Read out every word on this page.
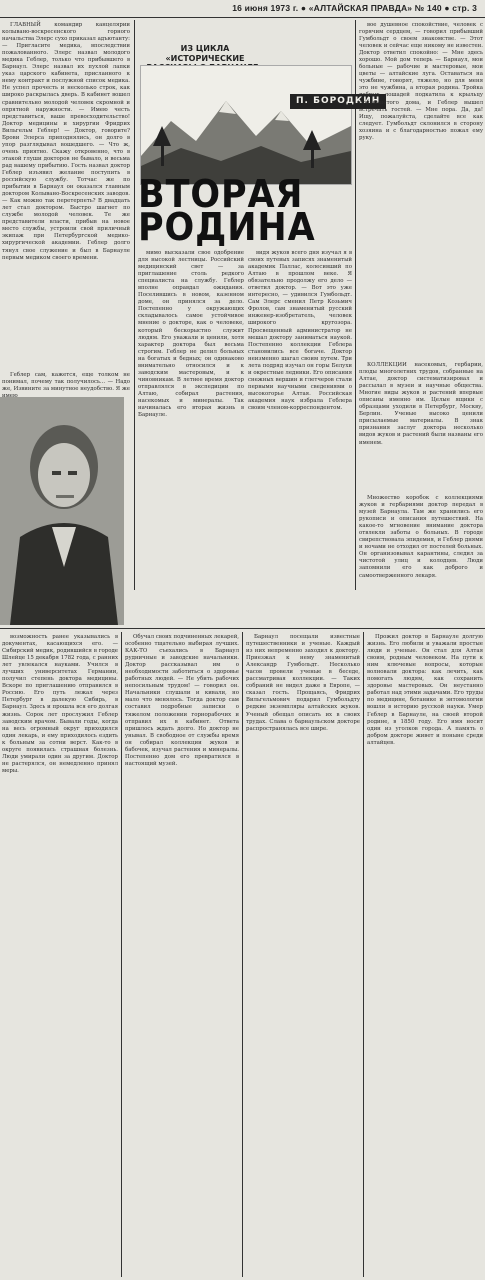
16 июня 1973 г. ● «АЛТАЙСКАЯ ПРАВДА» № 140 ● стр. 3

ГЛАВНЫЙ командир канцелярии колывано-воскресенского горного начальства Элерс сухо приказал адъютанту: — Пригласите медика, впоследствии пожалованного. Элерс назвал молодого медика Геблер, только что прибывшего в Барнаул. Элерс назвал их пухлой лапки указ царского кабинета, присланного к нему контракт и послужной список медика. Не успел прочесть и несколько строк, как широко раскрылась дверь. В кабинет вошел сравнительно молодой человек скромной и опрятной наружности. — Имею честь представиться, ваше превосходительство! Доктор медицины и хирургии Фридрих Вильгельм Геблер! — Доктор, говорите? Брови Элерса приподнялись, он долго в упор разглядывал вошедшего. — Что ж, очень приятно. Скажу откровенно, что в этакой глуши докторов не бывало, и весьма рад вашему прибытию. Гость назвал доктор Геблер изъявил желание поступить в российскую службу. Тотчас же по прибытии в Барнаул он оказался главным доктором Колывано-Воскресенских заводов. — Как можно так перетерпеть? В двадцать лет стал доктором. Быстро шагнет по службе молодой человек. Те же представители власти, прибыв на новое место службы, устроили свой приличный экипаж при Петербургской медико-хирургической академии. Геблер долго тянул свое служение и был в Барнауле первым медиком своего времени.

Геблер сам, кажется, еще толком не понимал, почему так получилось... — Надо же, Извините за минутное неудобство. Я же имею

ИЗ ЦИКЛА «ИСТОРИЧЕСКИЕ
П. БОРОДКИН
ВТОРАЯ
РОДИНА

мимо высказали свое одобрение для высокой лестницы. Российский медицинский свет — за приглашение столь редкого специалиста на службу. Геблер вполне оправдал ожидания. Поселившись в новом, казенном доме, он принялся за дело. Постепенно у окружающих складывалось самое устойчивое мнение о докторе, как о человеке, который бескорыстно служит людям. Его уважали и ценили, хотя характер доктора был весьма строгим. Геблер не делил больных на богатых и бедных; он одинаково внимательно относился и к заводским мастеровым, и к чиновникам. В летнее время доктор отправлялся в экспедиции по Алтаю, собирал растения, насекомых и минералы. Так начиналась его вторая жизнь в Барнауле.

видя жуков всего дня изучал я в своих путевых записях знаменитый академик Паллас, колесивший по Алтаю в прошлом веке. Я обязательно продолжу его дело — ответил доктор. — Вот это уже интересно, — удивился Гумбольдт. Сам Элерс сменил Петр Козьмич Фролов, сам знаменитый русский инженер-изобретатель, человек широкого кругозора. Просвещенный администратор не мешал доктору заниматься наукой. Постепенно коллекции Геблера становились все богаче. Доктор неизменно шагал своим путем. Три лета подряд изучал он горы Белухи и окрестные ледники. Его описания снежных вершин и глетчеров стали первыми научными сведениями о высокогорье Алтая. Российская академия наук избрала Геблера своим членом-корреспондентом.

вое душевное спокойствие, человек с горячим сердцем, — говорил прибывший Гумбольдт о своем знакомстве. — Этот человек и сейчас еще никому не известен. Доктор ответил спокойно: — Мне здесь хорошо. Мой дом теперь — Барнаул, мои больные — рабочие и мастеровые, мои цветы — алтайские луга. Оставаться на чужбине, говорят, тяжело, но для меня это не чужбина, а вторая родина. Тройка добрых лошадей подкатила к крыльцу приземистого дома, и Геблер вышел встречать гостей. — Мне пора. Да, да! Ищу, пожалуйста, сделайте все как следует. Гумбольдт склонился в сторону хозяина и с благодарностью пожал ему руку.

КОЛЛЕКЦИИ насекомых, гербарии, плоды многолетних трудов, собранные на Алтае, доктор систематизировал и рассылал в музеи и научные общества. Многие виды жуков и растений впервые описаны именно им. Целые ящики с образцами уходили в Петербург, Москву, Берлин. Ученые высоко ценили присылаемые материалы. В знак признания заслуг доктора несколько видов жуков и растений были названы его именем.

Множество коробок с коллекциями жуков и гербариями доктор передал в музей Барнаула. Там же хранились его рукописи и описания путешествий. На какое-то мгновение внимание доктора отвлекли заботы о больных. В городе свирепствовала эпидемия, и Геблер днями и ночами не отходил от постелей больных. Он организовывал карантины, следил за чистотой улиц и колодцев. Люди запомнили его как доброго и самоотверженного лекаря.

возможность ранее указывались в документах, касающихся его. — Сибирский медик, родившийся в городе Шлейце 15 декабря 1782 года, с ранних лет увлекался науками. Учился в лучших университетах Германии, получил степень доктора медицины. Вскоре по приглашению отправился в Россию. Его путь лежал через Петербург в далекую Сибирь, в Барнаул. Здесь и прошла вся его долгая жизнь. Сорок лет прослужил Геблер заводским врачом. Бывали годы, когда на весь огромный округ приходился один лекарь, и ему приходилось ездить к больным за сотни верст. Как-то в округе появилась страшная болезнь. Люди умирали один за другим. Доктор не растерялся, он немедленно принял меры.

Обучал своих подчиненных лекарей, особенно тщательно выбирая лучших. КАК-ТО съехались в Барнаул рудничные и заводские начальники. Доктор рассказывал им о необходимости заботиться о здоровье работных людей. — Не убить рабочих непосильным трудом! — говорил он. Начальники слушали и кивали, но мало что менялось. Тогда доктор сам составил подробные записки о тяжелом положении горнорабочих и отправил их в кабинет. Ответа пришлось ждать долго. Но доктор не унывал. В свободное от службы время он собирал коллекции жуков и бабочек, изучал растения и минералы. Постепенно дом его превратился в настоящий музей.

Барнаул посещали известные путешественники и ученые. Каждый из них непременно заходил к доктору. Приезжал к нему знаменитый Александр Гумбольдт. Несколько часов провели ученые в беседе, рассматривая коллекции. — Таких собраний не видел даже в Европе, — сказал гость. Прощаясь, Фридрих Вильгельмович подарил Гумбольдту редкие экземпляры алтайских жуков. Ученый обещал описать их в своих трудах. Слава о барнаульском докторе распространялась все шире.

Прожил доктор в Барнауле долгую жизнь. Его любили и уважали простые люди и ученые. Он стал для Алтая своим, родным человеком. На пути к ним ключевые вопросы, которые волновали доктора: как лечить, как помогать людям, как сохранить здоровье мастеровых. Он неустанно работал над этими задачами. Его труды по медицине, ботанике и энтомологии вошли в историю русской науки. Умер Геблер в Барнауле, на своей второй родине, в 1850 году. Его имя носит один из уголков города. А память о добром докторе живет и поныне среди алтайцев.
